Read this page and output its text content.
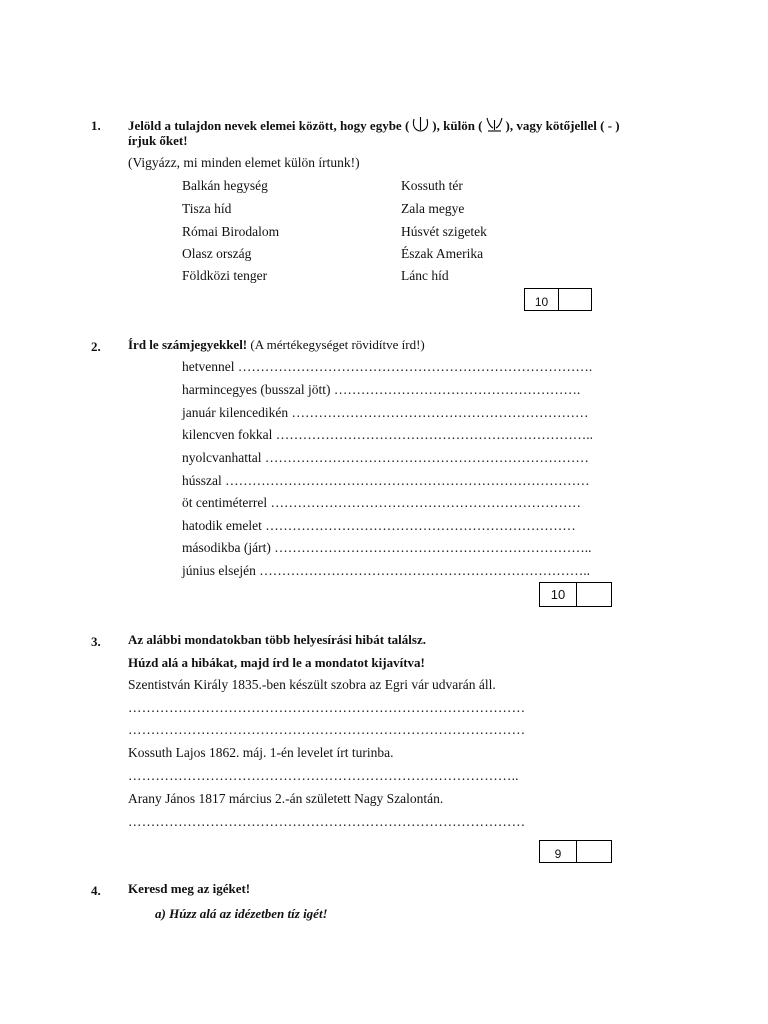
1. Jelöld a tulajdon nevek elemei között, hogy egybe ( ), külön ( ), vagy kötőjellel ( - )
írjuk őket!
(Vigyázz, mi minden elemet külön írtunk!)
Balkán hegység
Tisza híd
Római Birodalom
Olasz ország
Földközi tenger
Kossuth tér
Zala megye
Húsvét szigetek
Észak Amerika
Lánc híd
10
2. Írd le számjegyekkel! (A mértékegységet rövidítve írd!)
hetvennel …………………………………………………………………….
harmincegyes (busszal jött) ……………………………………………….
január kilencedikén …………………………………………………………
kilencven fokkal ……………………………………………………………..
nyolcvanhattal ………………………………………………………………
hússzal ………………………………………………………………………
öt centiméterrel ……………………………………………………………
hatodik emelet ……………………………………………………………
másodikba (járt) ……………………………………………………………..
június elsején ………………………………………………………………..
10
3. Az alábbi mondatokban több helyesírási hibát találsz.
Húzd alá a hibákat, majd írd le a mondatot kijavítva!
Szentistván Király 1835.-ben készült szobra az Egri vár udvarán áll.
……………………………………………………………………………
……………………………………………………………………………
Kossuth Lajos 1862. máj. 1-én levelet írt turinba.
…………………………………………………………………………..
Arany János 1817 március 2.-án született Nagy Szalontán.
……………………………………………………………………………
9
4. Keresd meg az igéket!
a) Húzz alá az idézetben tíz igét!
